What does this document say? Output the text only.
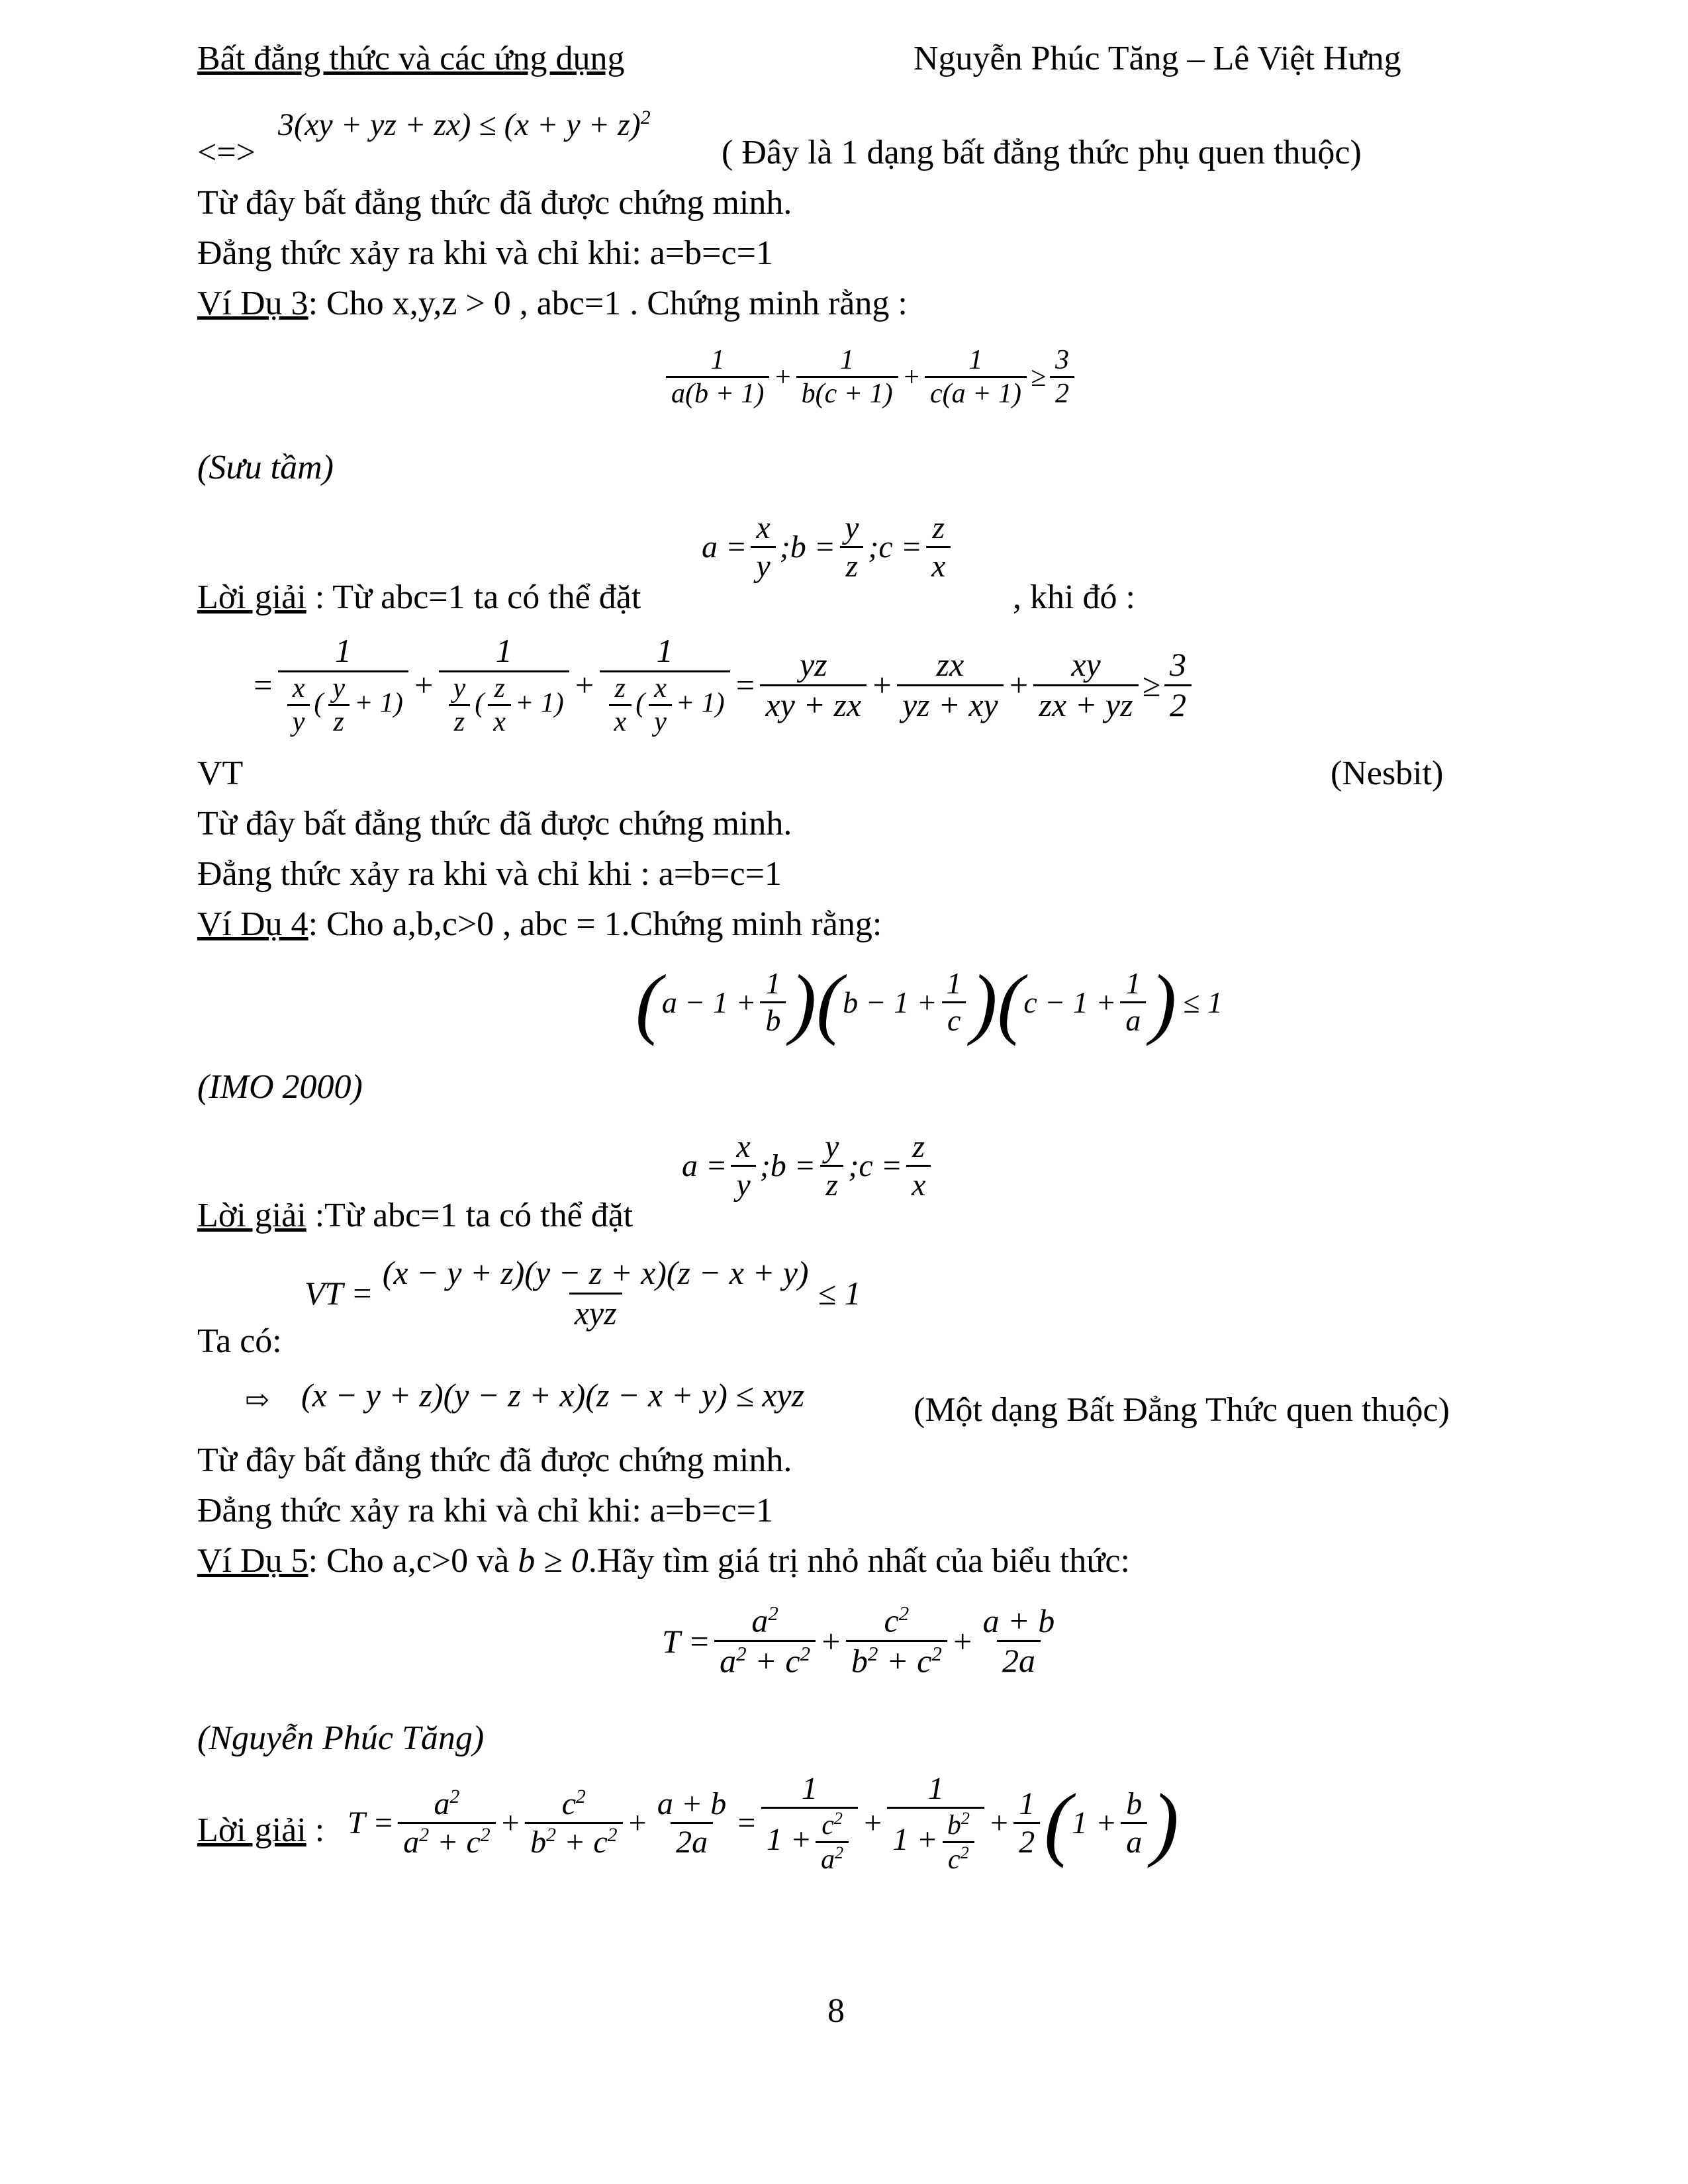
Bất đẳng thức và các ứng dụng	Nguyễn Phúc Tăng – Lê Việt Hưng
<=>
3(xy + yz + $zx) \le (x + y + z)^2$
( Đây là 1 dạng bất đẳng thức phụ quen thuộc)
Từ đây bất đẳng thức đã được chứng minh.
Đẳng thức xảy ra khi và chỉ khi: a=b=c=1
Ví Dụ 3: Cho x,y,z > 0 , abc=1 . Chứng minh rằng :
$\frac{1}{a(b + 1)} + \frac{1}{b(c + 1)} + \frac{1}{c(a + 1)} \ge \frac{3}{2}$
(Sưu tầm)
$a = \frac{x}{y}$ ;b = $\frac{y}{z}$ ;c = $\frac{z}{x}$
Lời giải : Từ abc=1 ta có thể đặt	, khi đó :
= $\frac{1}{\frac{x}{y} ( \frac{y}{z} + 1)} + \frac{1}{\frac{y}{z} ( \frac{z}{x} + 1)} + \frac{1}{\frac{z}{x} ( \frac{x}{y} + 1)} = \frac{yz}{xy + zx} + \frac{zx}{yz + xy} + \frac{xy}{zx + yz} \ge \frac{3}{2}$
VT	(Nesbit)
Từ đây bất đẳng thức đã được chứng minh.
Đẳng thức xảy ra khi và chỉ khi : a=b=c=1
Ví Dụ 4: Cho a,b,c>0 , abc = 1.Chứng minh rằng:
( $a - 1 + \frac{1}{b}$ ) ( $b - 1 + \frac{1}{c}$ ) ( $c - 1 + \frac{1}{a}$ ) ≤ 1
(IMO 2000)
$a = \frac{x}{y}$ ;b = $\frac{y}{z}$ ;c = $\frac{z}{x}$
Lời giải :Từ abc=1 ta có thể đặt
VT = $\frac{(x - y + z)(y - z + x)(z - x + y)}{\text{xyz}} \le 1$
Ta có:
⇨ (x − y + z)(y − z + x)(z − x + y) ≤ xyz	(Một dạng Bất Đẳng Thức quen thuộc)
Từ đây bất đẳng thức đã được chứng minh.
Đẳng thức xảy ra khi và chỉ khi: a=b=c=1
Ví Dụ 5: Cho a,c>0 và b ≥ 0.Hãy tìm giá trị nhỏ nhất của biểu thức:
$T = \frac{a^2}{a^2 + c^2} + \frac{c^2}{b^2 + c^2} + \frac{a + b}{2a}$
(Nguyễn Phúc Tăng)
Lời giải : $T = \frac{a^2}{a^2 + c^2} + \frac{c^2}{b^2 + c^2} + \frac{a + b}{2a} = \frac{1}{1 + \frac{c^2}{a^2}} + \frac{1}{1 + \frac{b^2}{c^2}} + \frac{1}{2}$ ( $1 + \frac{b}{a}$ )
8
